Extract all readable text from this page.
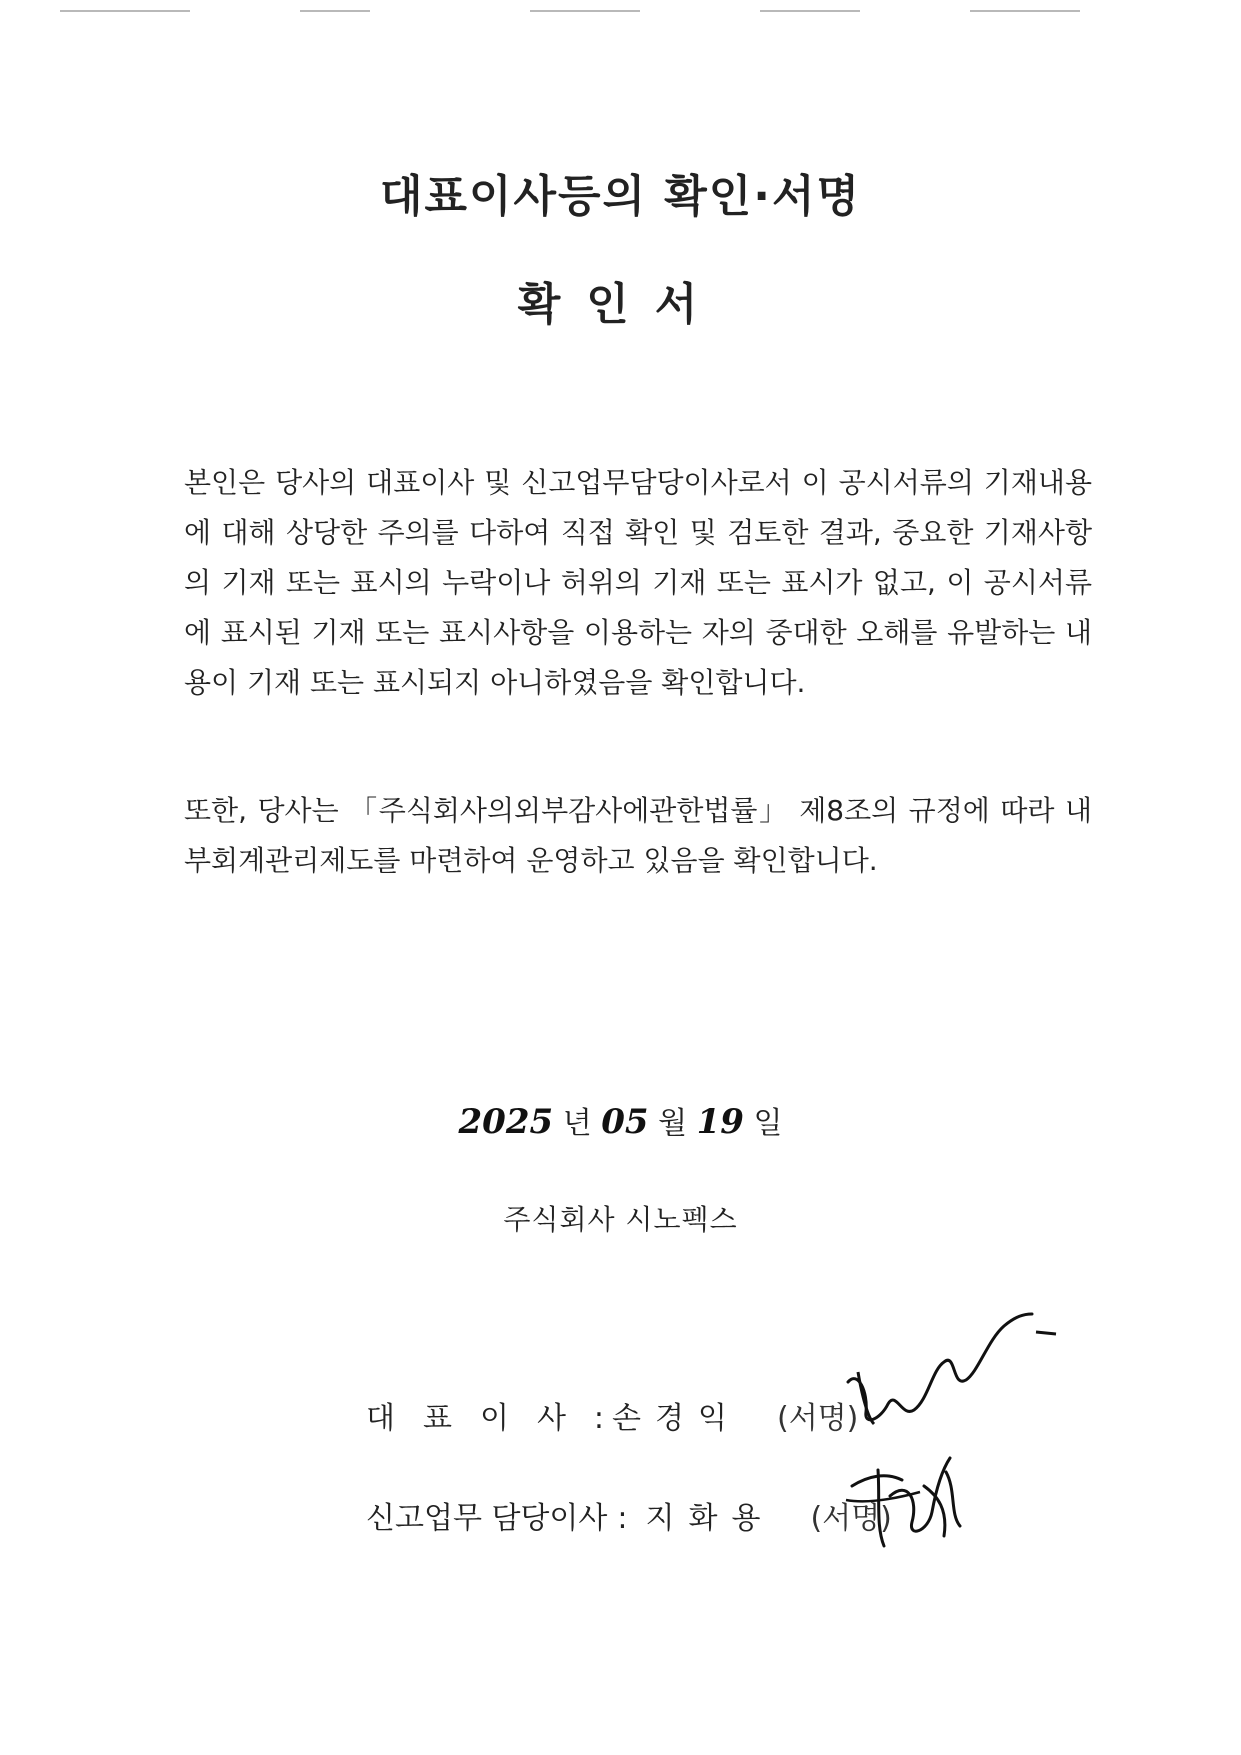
대표이사등의 확인·서명
확인서

본인은 당사의 대표이사 및 신고업무담당이사로서 이 공시서류의 기재내용에 대해 상당한 주의를 다하여 직접 확인 및 검토한 결과, 중요한 기재사항의 기재 또는 표시의 누락이나 허위의 기재 또는 표시가 없고, 이 공시서류에 표시된 기재 또는 표시사항을 이용하는 자의 중대한 오해를 유발하는 내용이 기재 또는 표시되지 아니하였음을 확인합니다.

또한, 당사는 「주식회사의외부감사에관한법률」 제8조의 규정에 따라 내부회계관리제도를 마련하여 운영하고 있음을 확인합니다.

2025 년 05 월 19 일
주식회사 시노펙스
대표이사: 손경익 (서명)
신고업무 담당이사 : 지화용 (서명)
